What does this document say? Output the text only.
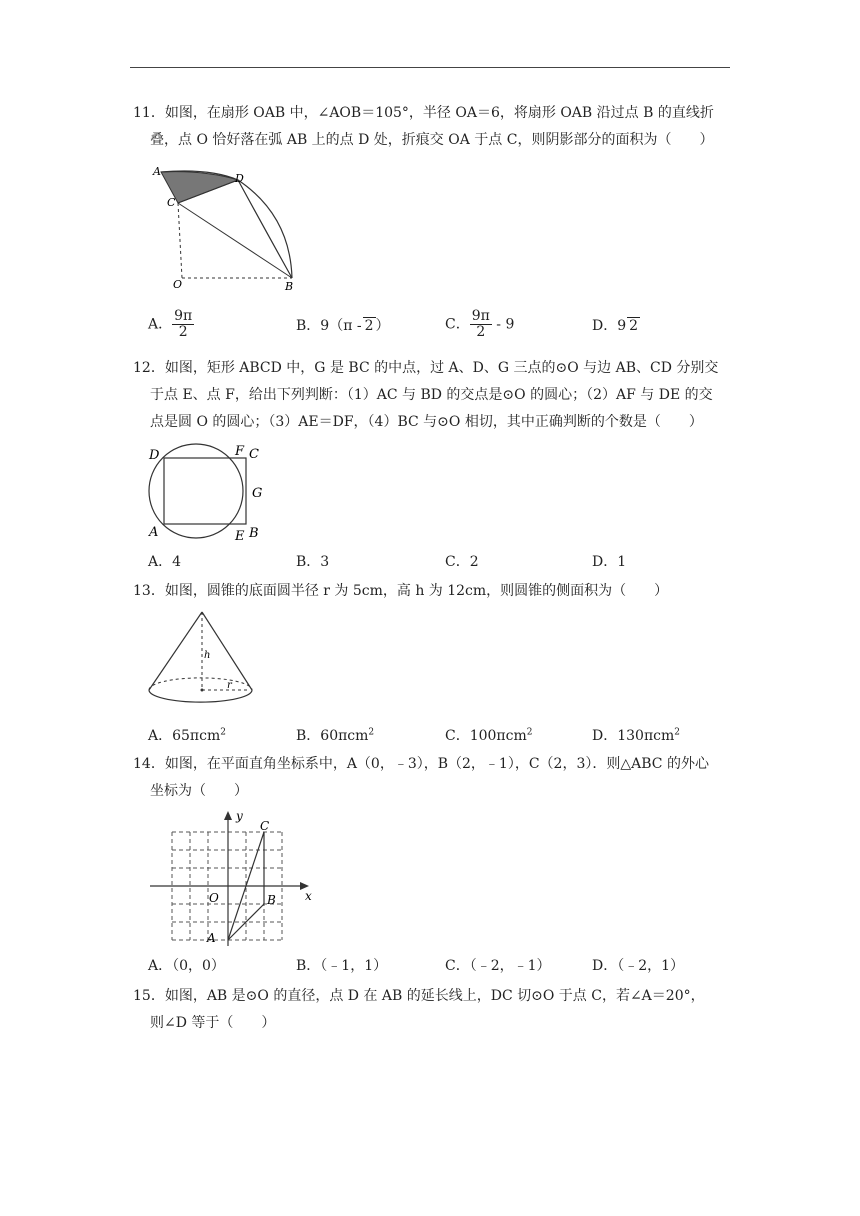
11．如图，在扇形 OAB 中，∠AOB＝105°，半径 OA＝6，将扇形 OAB 沿过点 B 的直线折
叠，点 O 恰好落在弧 AB 上的点 D 处，折痕交 OA 于点 C，则阴影部分的面积为（　　）
A
C
D
O	B
A． $\frac{9\pi}{2}$	B．9（π - 2 ）	C． $\frac{9\pi}{2} - 9$	D．9 2
12．如图，矩形 ABCD 中，G 是 BC 的中点，过 A、D、G 三点的⊙O 与边 AB、CD 分别交
于点 E、点 F，给出下列判断：（1）AC 与 BD 的交点是⊙O 的圆心；（2）AF 与 DE 的交
点是圆 O 的圆心；（3）AE＝DF，（4）BC 与⊙O 相切，其中正确判断的个数是（　　）
D	F C
G
A	E B
A．4	B．3	C．2	D．1
13．如图，圆锥的底面圆半径 r 为 5cm，高 h 为 12cm，则圆锥的侧面积为（　　）
h
r
A．65πcm$^2$	B．60πcm$^2$	C．100πcm$^2$	D．130πcm$^2$
14．如图，在平面直角坐标系中，A（0，﹣3），B（2，﹣1），C（2，3）．则△ABC 的外心
坐标为（　　）
y
x
O
A
B
C
A．（0，0）	B．（﹣1，1）	C．（﹣2，﹣1）	D．（﹣2，1）
15．如图，AB 是⊙O 的直径，点 D 在 AB 的延长线上，DC 切⊙O 于点 C，若∠A＝20°，
则∠D 等于（　　）
